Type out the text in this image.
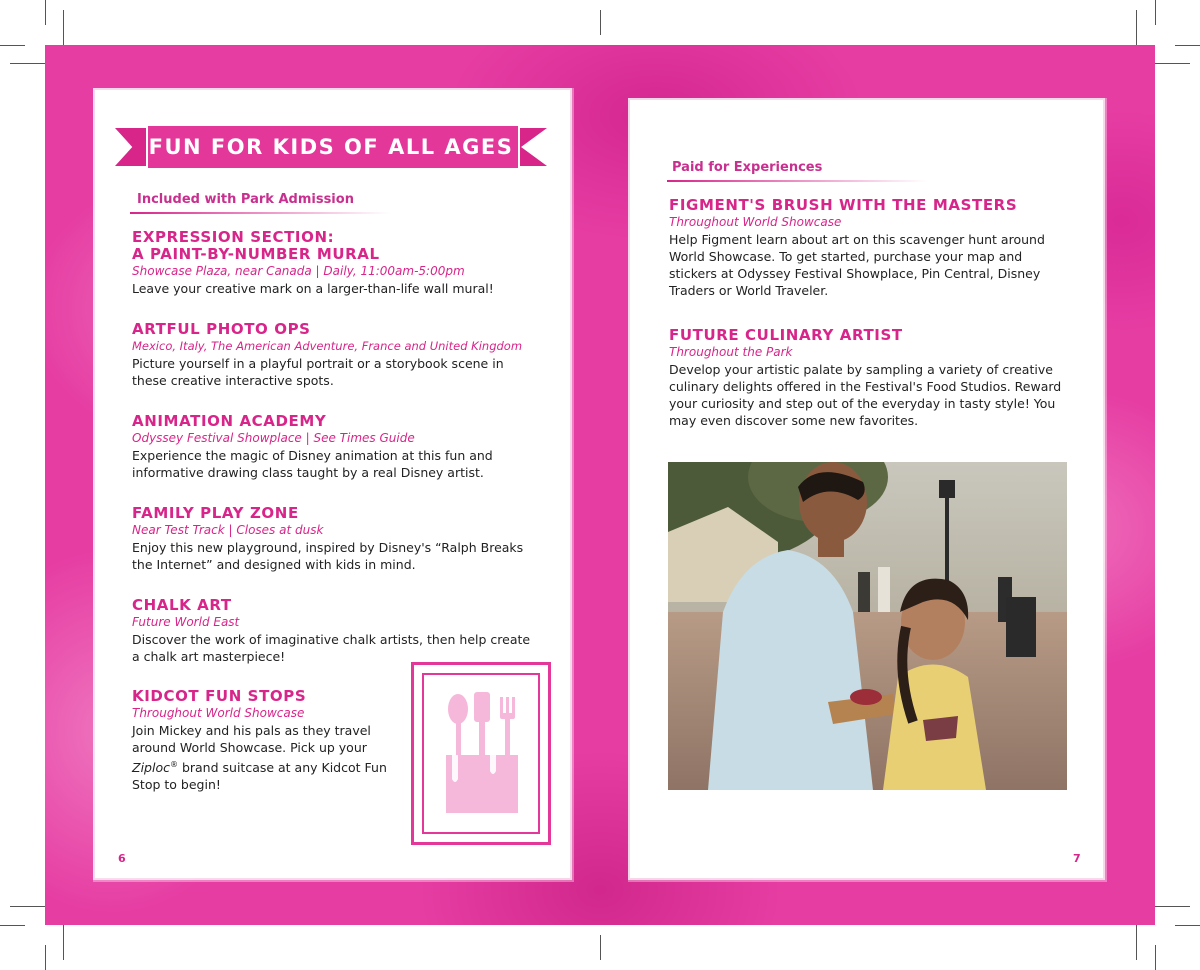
FUN FOR KIDS OF ALL AGES
Included with Park Admission
EXPRESSION SECTION:
A PAINT-BY-NUMBER MURAL
Showcase Plaza, near Canada | Daily, 11:00am-5:00pm
Leave your creative mark on a larger-than-life wall mural!
ARTFUL PHOTO OPS
Mexico, Italy, The American Adventure, France and United Kingdom
Picture yourself in a playful portrait or a storybook scene in
these creative interactive spots.
ANIMATION ACADEMY
Odyssey Festival Showplace | See Times Guide
Experience the magic of Disney animation at this fun and
informative drawing class taught by a real Disney artist.
FAMILY PLAY ZONE
Near Test Track | Closes at dusk
Enjoy this new playground, inspired by Disney's “Ralph Breaks
the Internet” and designed with kids in mind.
CHALK ART
Future World East
Discover the work of imaginative chalk artists, then help create
a chalk art masterpiece!
KIDCOT FUN STOPS
Throughout World Showcase
Join Mickey and his pals as they travel
around World Showcase. Pick up your
Ziploc® brand suitcase at any Kidcot Fun
Stop to begin!
6
Paid for Experiences
FIGMENT'S BRUSH WITH THE MASTERS
Throughout World Showcase
Help Figment learn about art on this scavenger hunt around
World Showcase. To get started, purchase your map and
stickers at Odyssey Festival Showplace, Pin Central, Disney
Traders or World Traveler.
FUTURE CULINARY ARTIST
Throughout the Park
Develop your artistic palate by sampling a variety of creative
culinary delights offered in the Festival's Food Studios. Reward
your curiosity and step out of the everyday in tasty style! You
may even discover some new favorites.
7
